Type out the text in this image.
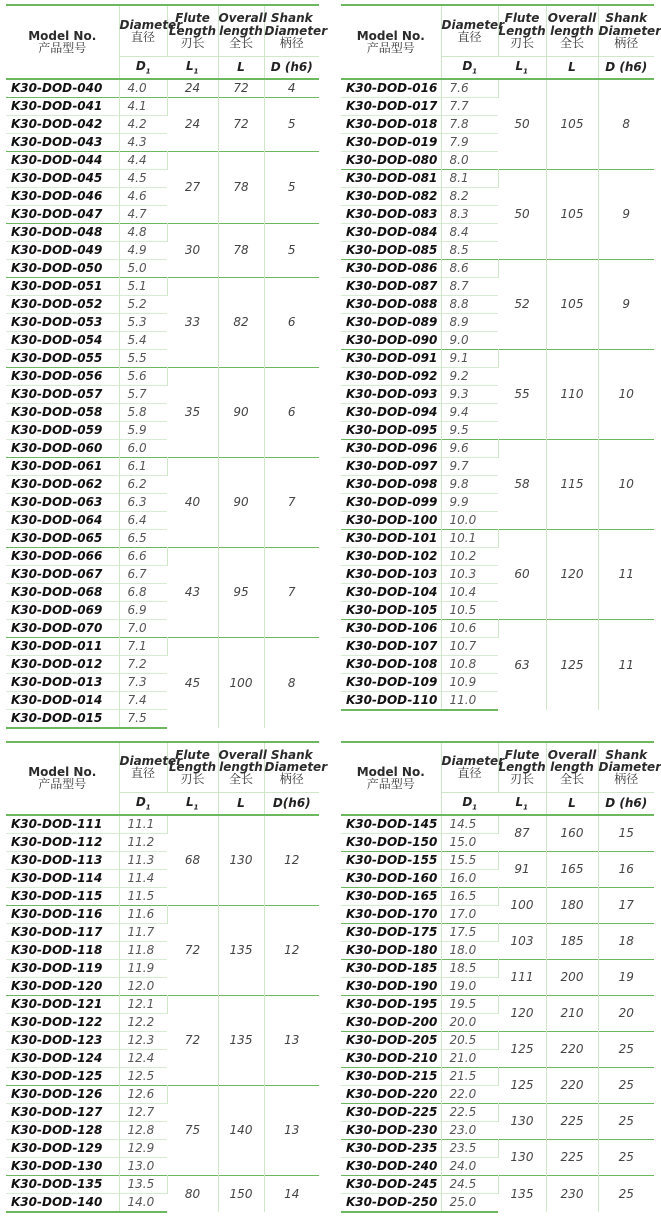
Model No.
产品型号	Diameter
直径	Flute
Length
刃长	Overall
length
全长	Shank
Diameter
柄径

	$D_1$	$L_1$	L	D (h6)
K30-DOD-040	4.0	24	72	4
K30-DOD-041	4.1	24	72	5
K30-DOD-042	4.2			
K30-DOD-043	4.3			
K30-DOD-044	4.4	27	78	5
K30-DOD-045	4.5			
K30-DOD-046	4.6			
K30-DOD-047	4.7			
K30-DOD-048	4.8	30	78	5
K30-DOD-049	4.9			
K30-DOD-050	5.0			
K30-DOD-051	5.1	33	82	6
K30-DOD-052	5.2			
K30-DOD-053	5.3			
K30-DOD-054	5.4			
K30-DOD-055	5.5			
K30-DOD-056	5.6	35	90	6
K30-DOD-057	5.7			
K30-DOD-058	5.8			
K30-DOD-059	5.9			
K30-DOD-060	6.0			
K30-DOD-061	6.1	40	90	7
K30-DOD-062	6.2			
K30-DOD-063	6.3			
K30-DOD-064	6.4			
K30-DOD-065	6.5			
K30-DOD-066	6.6	43	95	7
K30-DOD-067	6.7			
K30-DOD-068	6.8			
K30-DOD-069	6.9			
K30-DOD-070	7.0			
K30-DOD-011	7.1	45	100	8
K30-DOD-012	7.2			
K30-DOD-013	7.3			
K30-DOD-014	7.4			
K30-DOD-015	7.5			
Model No.
产品型号	Diameter
直径	Flute
Length
刃长	Overall
length
全长	Shank
Diameter
柄径

	$D_1$	$L_1$	L	D (h6)
K30-DOD-016	7.6	50	105	8
K30-DOD-017	7.7			
K30-DOD-018	7.8			
K30-DOD-019	7.9			
K30-DOD-080	8.0			
K30-DOD-081	8.1	50	105	9
K30-DOD-082	8.2			
K30-DOD-083	8.3			
K30-DOD-084	8.4			
K30-DOD-085	8.5			
K30-DOD-086	8.6	52	105	9
K30-DOD-087	8.7			
K30-DOD-088	8.8			
K30-DOD-089	8.9			
K30-DOD-090	9.0			
K30-DOD-091	9.1	55	110	10
K30-DOD-092	9.2			
K30-DOD-093	9.3			
K30-DOD-094	9.4			
K30-DOD-095	9.5			
K30-DOD-096	9.6	58	115	10
K30-DOD-097	9.7			
K30-DOD-098	9.8			
K30-DOD-099	9.9			
K30-DOD-100	10.0			
K30-DOD-101	10.1	60	120	11
K30-DOD-102	10.2			
K30-DOD-103	10.3			
K30-DOD-104	10.4			
K30-DOD-105	10.5			
K30-DOD-106	10.6	63	125	11
K30-DOD-107	10.7			
K30-DOD-108	10.8			
K30-DOD-109	10.9			
K30-DOD-110	11.0			
Model No.
产品型号	Diameter
直径	Flute
Length
刃长	Overall
length
全长	Shank
Diameter
柄径

	$D_1$	$L_1$	L	D(h6)
K30-DOD-111	11.1	68	130	12
K30-DOD-112	11.2			
K30-DOD-113	11.3			
K30-DOD-114	11.4			
K30-DOD-115	11.5			
K30-DOD-116	11.6	72	135	12
K30-DOD-117	11.7			
K30-DOD-118	11.8			
K30-DOD-119	11.9			
K30-DOD-120	12.0			
K30-DOD-121	12.1	72	135	13
K30-DOD-122	12.2			
K30-DOD-123	12.3			
K30-DOD-124	12.4			
K30-DOD-125	12.5			
K30-DOD-126	12.6	75	140	13
K30-DOD-127	12.7			
K30-DOD-128	12.8			
K30-DOD-129	12.9			
K30-DOD-130	13.0			
K30-DOD-135	13.5	80	150	14
K30-DOD-140	14.0			
Model No.
产品型号	Diameter
直径	Flute
Length
刃长	Overall
length
全长	Shank
Diameter
柄径

	$D_1$	$L_1$	L	D (h6)
K30-DOD-145	14.5	87	160	15
K30-DOD-150	15.0			
K30-DOD-155	15.5	91	165	16
K30-DOD-160	16.0			
K30-DOD-165	16.5	100	180	17
K30-DOD-170	17.0			
K30-DOD-175	17.5	103	185	18
K30-DOD-180	18.0			
K30-DOD-185	18.5	111	200	19
K30-DOD-190	19.0			
K30-DOD-195	19.5	120	210	20
K30-DOD-200	20.0			
K30-DOD-205	20.5	125	220	25
K30-DOD-210	21.0			
K30-DOD-215	21.5	125	220	25
K30-DOD-220	22.0			
K30-DOD-225	22.5	130	225	25
K30-DOD-230	23.0			
K30-DOD-235	23.5	130	225	25
K30-DOD-240	24.0			
K30-DOD-245	24.5	135	230	25
K30-DOD-250	25.0			
